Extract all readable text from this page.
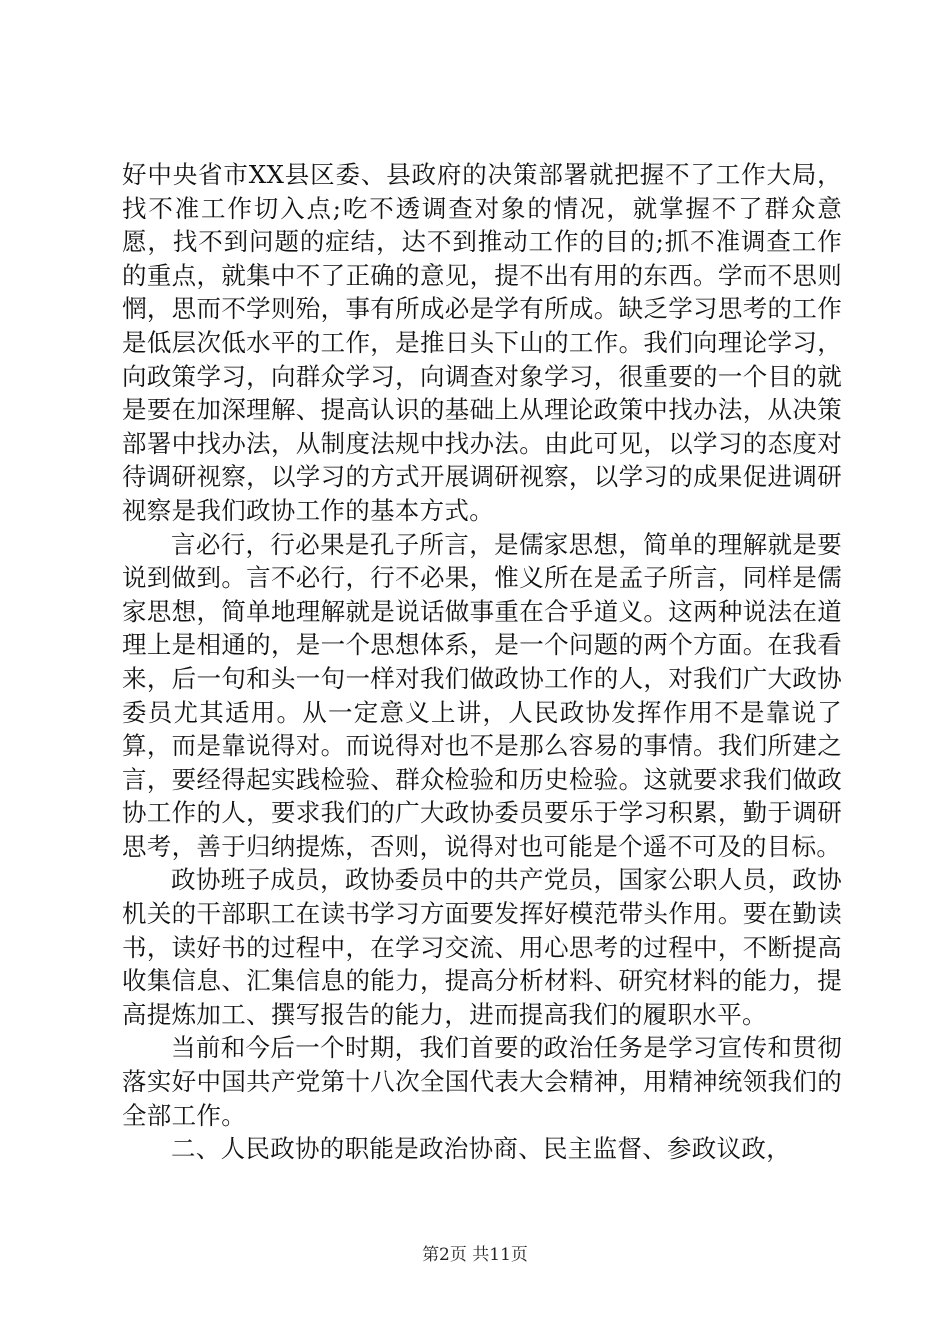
好中央省市XX县区委、县政府的决策部署就把握不了工作大局，找不准工作切入点;吃不透调查对象的情况，就掌握不了群众意愿，找不到问题的症结，达不到推动工作的目的;抓不准调查工作的重点，就集中不了正确的意见，提不出有用的东西。学而不思则惘，思而不学则殆，事有所成必是学有所成。缺乏学习思考的工作是低层次低水平的工作，是推日头下山的工作。我们向理论学习，向政策学习，向群众学习，向调查对象学习，很重要的一个目的就是要在加深理解、提高认识的基础上从理论政策中找办法，从决策部署中找办法，从制度法规中找办法。由此可见，以学习的态度对待调研视察，以学习的方式开展调研视察，以学习的成果促进调研视察是我们政协工作的基本方式。

言必行，行必果是孔子所言，是儒家思想，简单的理解就是要说到做到。言不必行，行不必果，惟义所在是孟子所言，同样是儒家思想，简单地理解就是说话做事重在合乎道义。这两种说法在道理上是相通的，是一个思想体系，是一个问题的两个方面。在我看来，后一句和头一句一样对我们做政协工作的人，对我们广大政协委员尤其适用。从一定意义上讲，人民政协发挥作用不是靠说了算，而是靠说得对。而说得对也不是那么容易的事情。我们所建之言，要经得起实践检验、群众检验和历史检验。这就要求我们做政协工作的人，要求我们的广大政协委员要乐于学习积累，勤于调研思考，善于归纳提炼，否则，说得对也可能是个遥不可及的目标。

政协班子成员，政协委员中的共产党员，国家公职人员，政协机关的干部职工在读书学习方面要发挥好模范带头作用。要在勤读书，读好书的过程中，在学习交流、用心思考的过程中，不断提高收集信息、汇集信息的能力，提高分析材料、研究材料的能力，提高提炼加工、撰写报告的能力，进而提高我们的履职水平。

当前和今后一个时期，我们首要的政治任务是学习宣传和贯彻落实好中国共产党第十八次全国代表大会精神，用精神统领我们的全部工作。

二、人民政协的职能是政治协商、民主监督、参政议政，

第2页 共11页
